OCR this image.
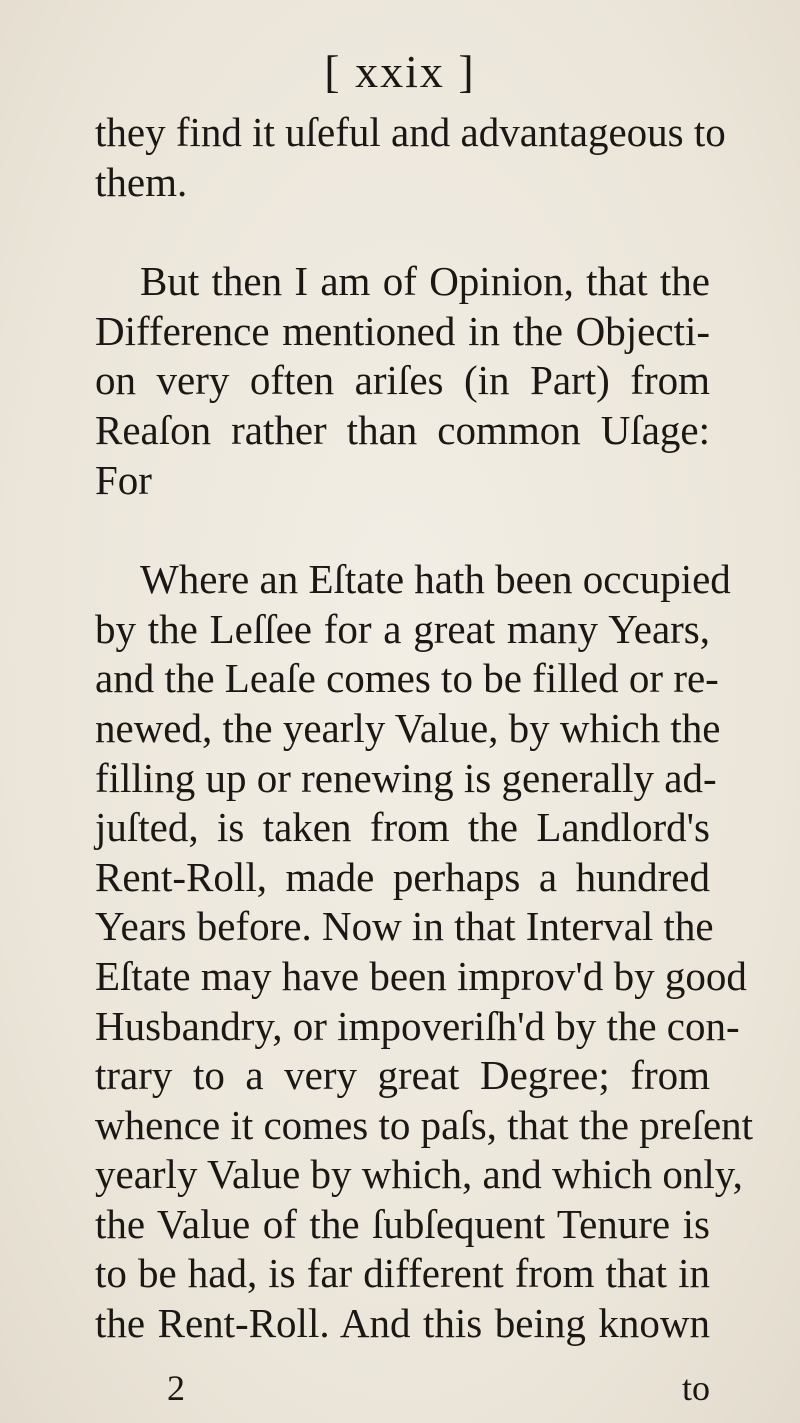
[ xxix ]

they find it uſeful and advantageous to
them.

But then I am of Opinion, that the
Difference mentioned in the Objecti-
on very often ariſes (in Part) from
Reaſon rather than common Uſage:
For

Where an Eſtate hath been occupied
by the Leſſee for a great many Years,
and the Leaſe comes to be filled or re-
newed, the yearly Value, by which the
filling up or renewing is generally ad-
juſted, is taken from the Landlord's
Rent-Roll, made perhaps a hundred
Years before. Now in that Interval the
Eſtate may have been improv'd by good
Husbandry, or impoveriſh'd by the con-
trary to a very great Degree; from
whence it comes to paſs, that the preſent
yearly Value by which, and which only,
the Value of the ſubſequent Tenure is
to be had, is far different from that in
the Rent-Roll. And this being known

2	to
